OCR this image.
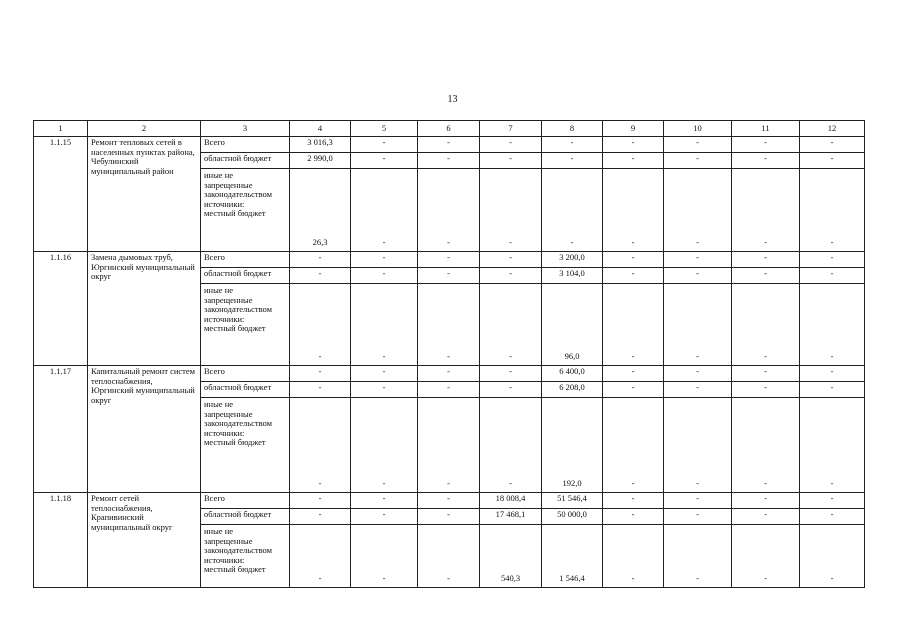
13
1	2	3	4	5	6	7	8	9	10	11	12
1.1.15	Ремонт тепловых сетей в населенных пунктах района, Чебулинский муниципальный район	Всего	3 016,3	-	-	-	-	-	-	-	-
		областной бюджет	2 990,0	-	-	-	-	-	-	-	-

		иные не
запрещенные
законодательством
источники:
местный бюджет	26,3	-	-	-	-	-	-	-	-
1.1.16	Замена дымовых труб, Юргинский муниципальный округ	Всего	-	-	-	-	3 200,0	-	-	-	-
		областной бюджет	-	-	-	-	3 104,0	-	-	-	-

		иные не
запрещенные
законодательством
источники:
местный бюджет	-	-	-	-	96,0	-	-	-	-
1.1.17	Капитальный ремонт систем теплоснабжения, Юргинский муниципальный округ	Всего	-	-	-	-	6 400,0	-	-	-	-
		областной бюджет	-	-	-	-	6 208,0	-	-	-	-

		иные не
запрещенные
законодательством
источники:
местный бюджет	-	-	-	-	192,0	-	-	-	-
1.1.18	Ремонт сетей теплоснабжения, Крапивинский муниципальный округ	Всего	-	-	-	18 008,4	51 546,4	-	-	-	-
		областной бюджет	-	-	-	17 468,1	50 000,0	-	-	-	-

		иные не
запрещенные
законодательством
источники:
местный бюджет	-	-	-	540,3	1 546,4	-	-	-	-
